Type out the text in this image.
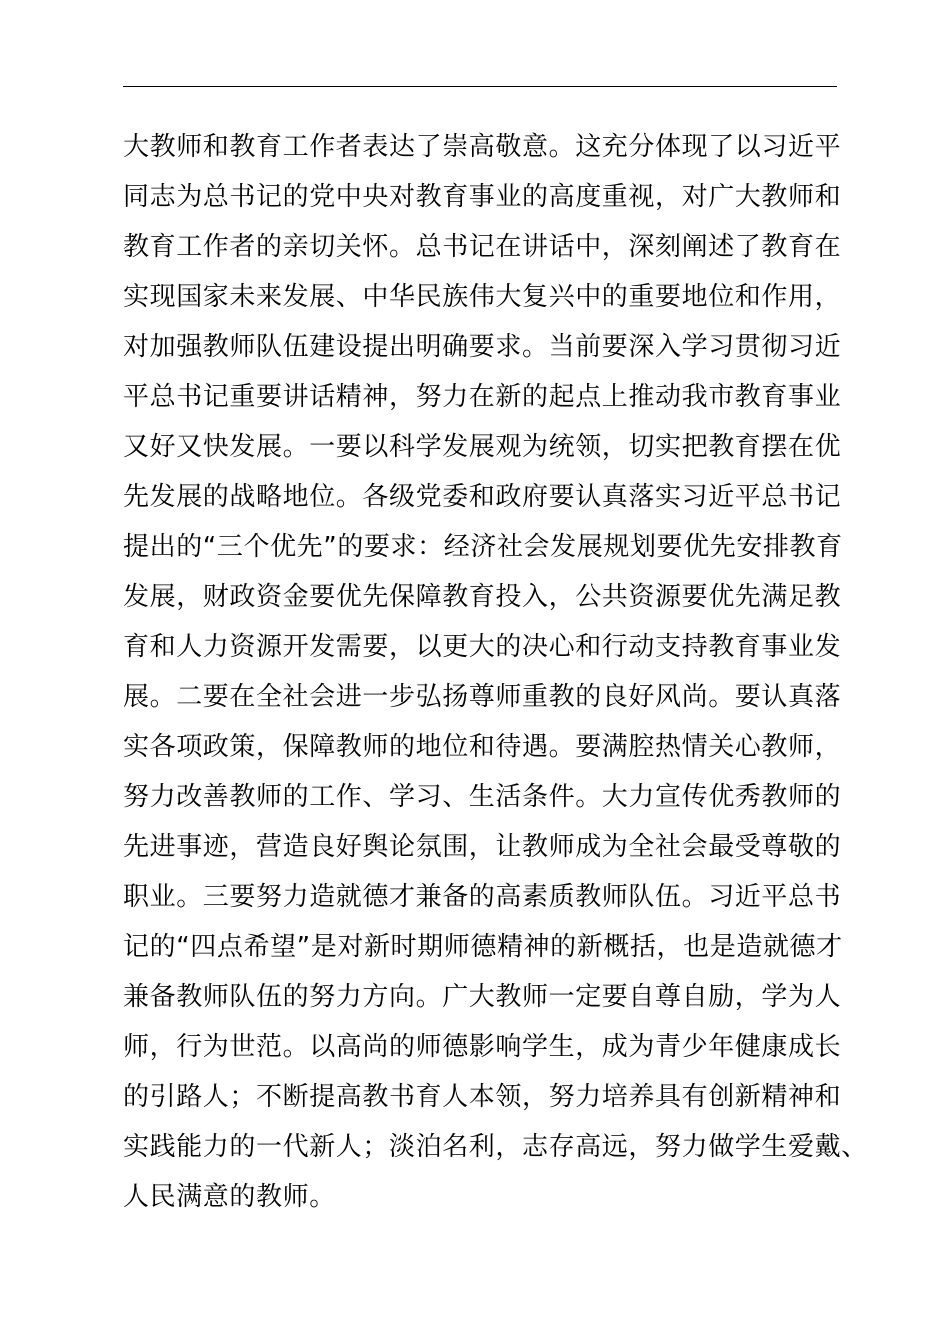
大教师和教育工作者表达了崇高敬意。这充分体现了以习近平
同志为总书记的党中央对教育事业的高度重视，对广大教师和
教育工作者的亲切关怀。总书记在讲话中，深刻阐述了教育在
实现国家未来发展、中华民族伟大复兴中的重要地位和作用，
对加强教师队伍建设提出明确要求。当前要深入学习贯彻习近
平总书记重要讲话精神，努力在新的起点上推动我市教育事业
又好又快发展。一要以科学发展观为统领，切实把教育摆在优
先发展的战略地位。各级党委和政府要认真落实习近平总书记
提出的“三个优先”的要求：经济社会发展规划要优先安排教育
发展，财政资金要优先保障教育投入，公共资源要优先满足教
育和人力资源开发需要，以更大的决心和行动支持教育事业发
展。二要在全社会进一步弘扬尊师重教的良好风尚。要认真落
实各项政策，保障教师的地位和待遇。要满腔热情关心教师，
努力改善教师的工作、学习、生活条件。大力宣传优秀教师的
先进事迹，营造良好舆论氛围，让教师成为全社会最受尊敬的
职业。三要努力造就德才兼备的高素质教师队伍。习近平总书
记的“四点希望”是对新时期师德精神的新概括，也是造就德才
兼备教师队伍的努力方向。广大教师一定要自尊自励，学为人
师，行为世范。以高尚的师德影响学生，成为青少年健康成长
的引路人；不断提高教书育人本领，努力培养具有创新精神和
实践能力的一代新人；淡泊名利，志存高远，努力做学生爱戴、
人民满意的教师。
